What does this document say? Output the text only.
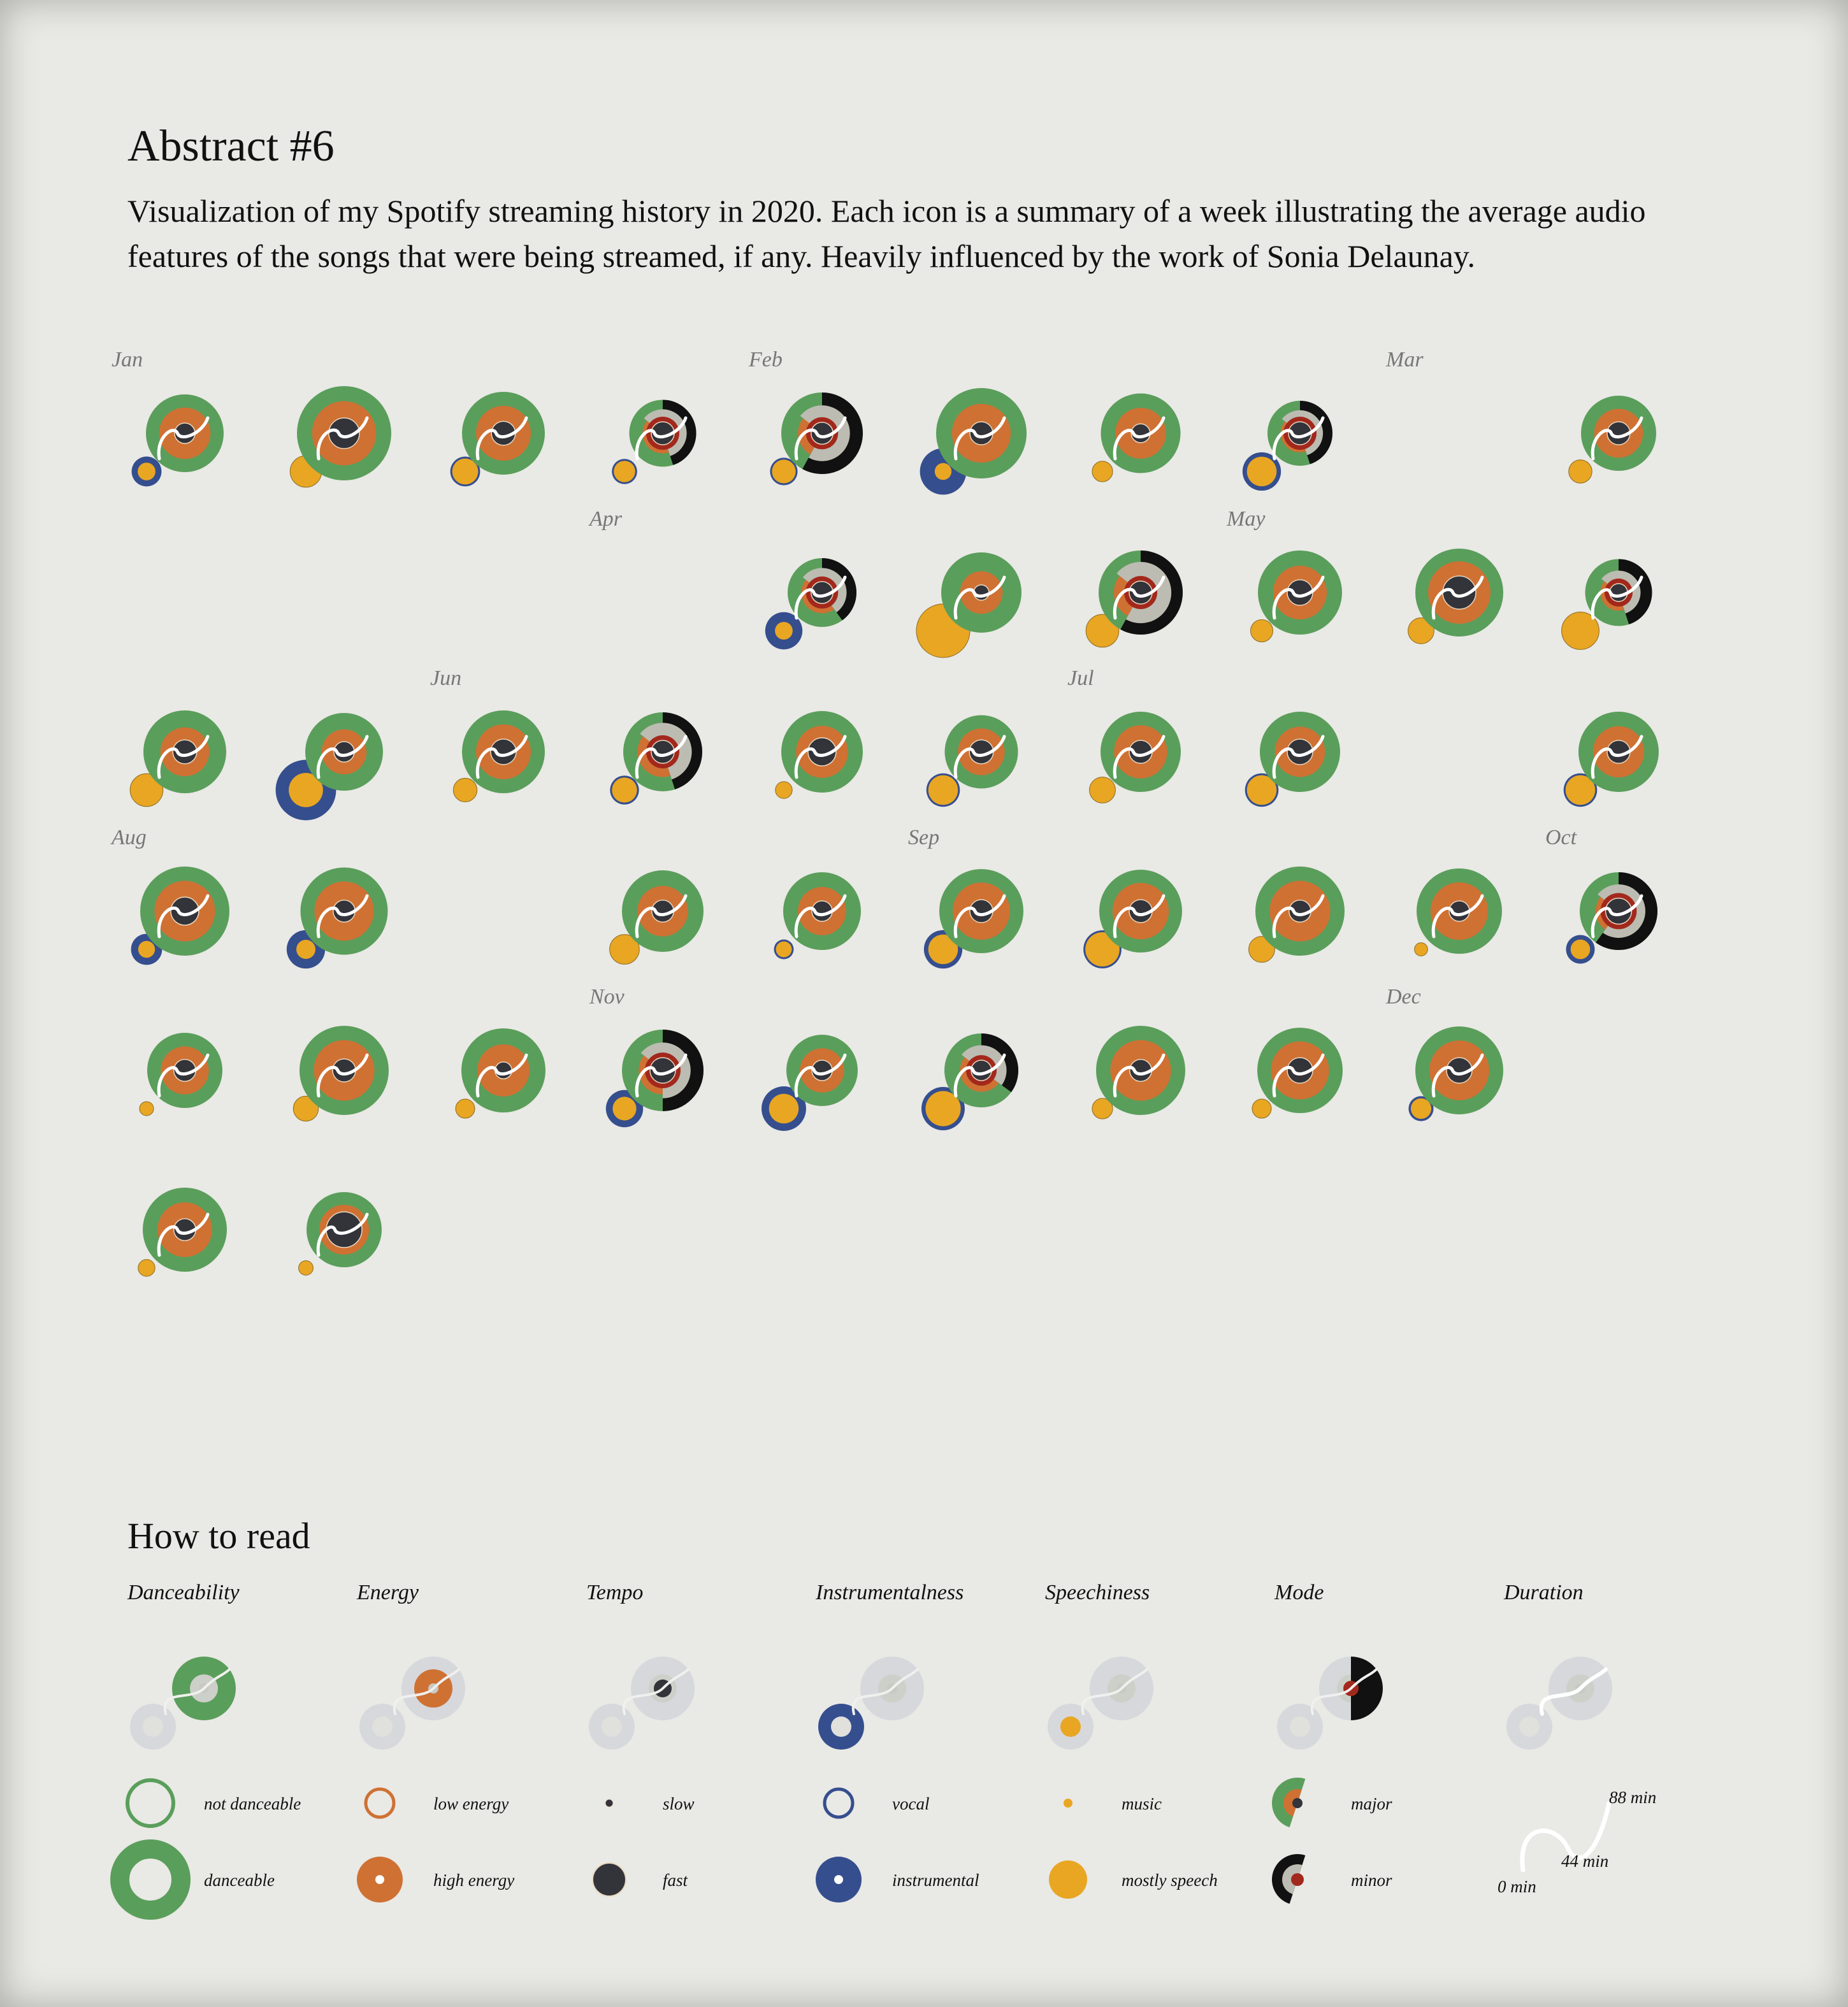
Abstract #6

Visualization of my Spotify streaming history in 2020. Each icon is a summary of a week illustrating the average audio features of the songs that were being streamed, if any. Heavily influenced by the work of Sonia Delaunay.

Jan	Feb	Mar
Apr	May
Jun	Jul
Aug	Sep	Oct
Nov	Dec
How to read
Danceability
not danceable
danceable
Energy
low energy
high energy
Tempo
slow
fast
Instrumentalness
vocal
instrumental
Speechiness
music
mostly speech
Mode
major
minor
Duration
0 min
44 min
88 min
